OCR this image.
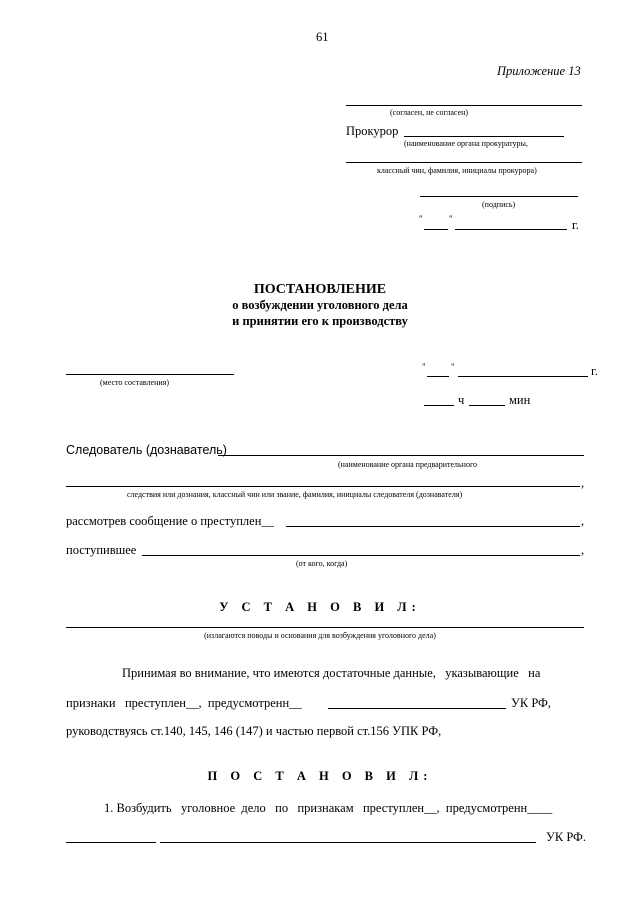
61
Приложение 13
(согласен, не согласен)
Прокурор
(наименование органа прокуратуры,
классный чин, фамилия, инициалы прокурора)
(подпись)
"	"	г.
ПОСТАНОВЛЕНИЕ
о возбуждении уголовного дела
и принятии его к производству
(место составления)
"	"	г.
ч	мин
Следователь (дознаватель)
(наименование органа предварительного
,
следствия или дознания, классный чин или звание, фамилия, инициалы следователя (дознавателя)
рассмотрев сообщение о преступлен__	,
поступившее	,
(от кого, когда)
У С Т А Н О В И Л:
(излагаются поводы и основания для возбуждения уголовного дела)
Принимая во внимание, что имеются достаточные данные,   указывающие   на
признаки   преступлен__,  предусмотренн__	УК РФ,
руководствуясь ст.140, 145, 146 (147) и частью первой ст.156 УПК РФ,
П О С Т А Н О В И Л:
1. Возбудить   уголовное  дело   по   признакам   преступлен__,  предусмотренн____
УК РФ.
